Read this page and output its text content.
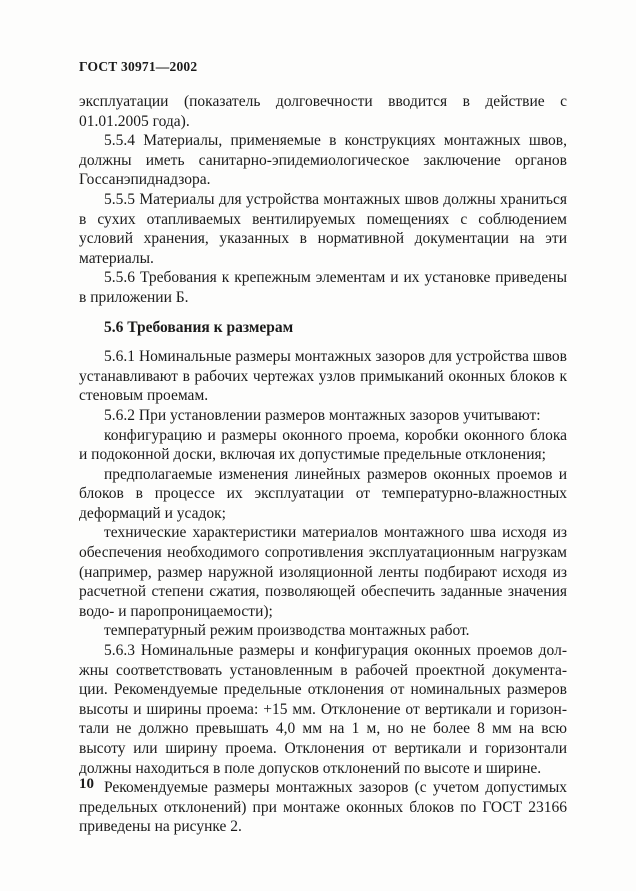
ГОСТ 30971—2002

эксплуатации (показатель долговечности вводится в действие с 01.01.2005 года).

5.5.4 Материалы, применяемые в конструкциях монтажных швов, должны иметь санитарно-эпидемиологическое заключение органов Госсанэпиднадзора.

5.5.5 Материалы для устройства монтажных швов должны храниться в сухих отапливаемых вентилируемых помещениях с соблюдением условий хранения, указанных в нормативной документации на эти материалы.

5.5.6 Требования к крепежным элементам и их установке приведены в приложении Б.

5.6 Требования к размерам

5.6.1 Номинальные размеры монтажных зазоров для устройства швов устанавливают в рабочих чертежах узлов примыканий оконных блоков к стеновым проемам.

5.6.2 При установлении размеров монтажных зазоров учитывают:

конфигурацию и размеры оконного проема, коробки оконного блока и подоконной доски, включая их допустимые предельные отклонения;

предполагаемые изменения линейных размеров оконных проемов и блоков в процессе их эксплуатации от температурно-влажностных деформаций и усадок;

технические характеристики материалов монтажного шва исходя из обеспечения необходимого сопротивления эксплуатационным нагрузкам (например, размер наружной изоляционной ленты подбирают исходя из расчетной степени сжатия, позволяющей обеспечить заданные значения водо- и паропроницаемости);

температурный режим производства монтажных работ.

5.6.3 Номинальные размеры и конфигурация оконных проемов должны соответствовать установленным в рабочей проектной документации. Рекомендуемые предельные отклонения от номинальных размеров высоты и ширины проема: +15 мм. Отклонение от вертикали и горизонтали не должно превышать 4,0 мм на 1 м, но не более 8 мм на всю высоту или ширину проема. Отклонения от вертикали и горизонтали должны находиться в поле допусков отклонений по высоте и ширине.

Рекомендуемые размеры монтажных зазоров (с учетом допустимых предельных отклонений) при монтаже оконных блоков по ГОСТ 23166 приведены на рисунке 2.

10
